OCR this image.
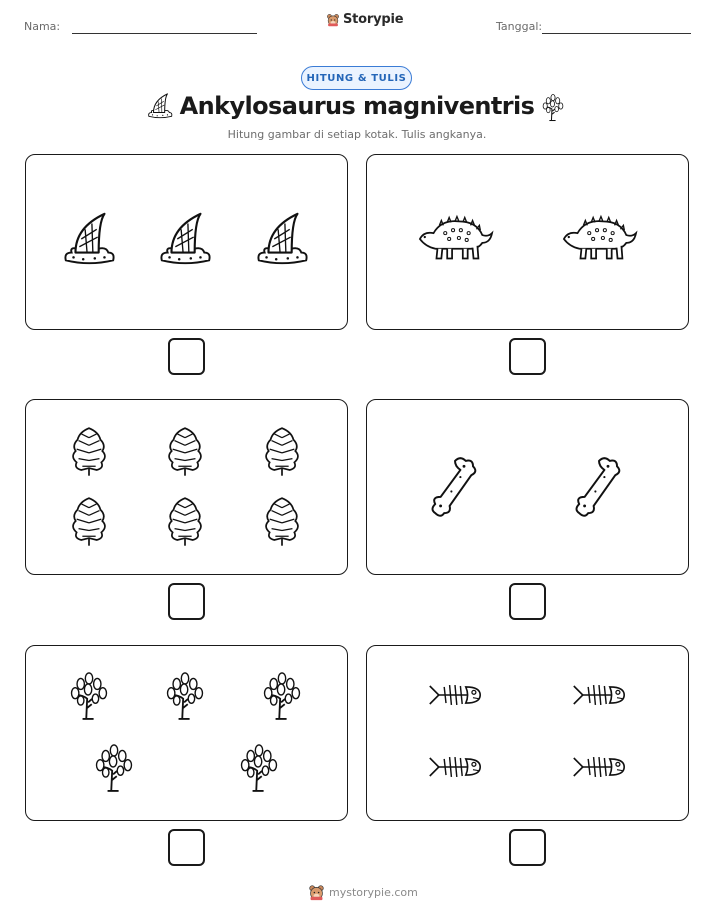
Nama:	Storypie	Tanggal:
HITUNG & TULIS
Ankylosaurus magniventris
Hitung gambar di setiap kotak. Tulis angkanya.
mystorypie.com
